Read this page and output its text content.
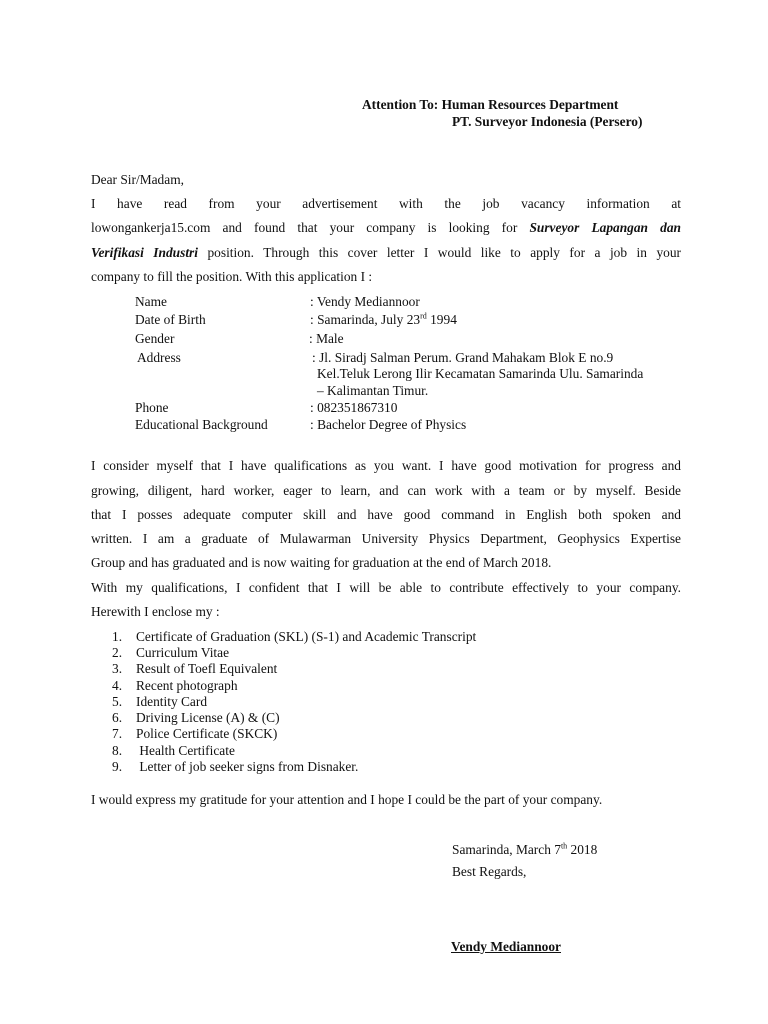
Attention To: Human Resources Department
PT. Surveyor Indonesia (Persero)
Dear Sir/Madam,
I have read from your advertisement with the job vacancy information at
lowongankerja15.com and found that your company is looking for Surveyor Lapangan dan
Verifikasi Industri position. Through this cover letter I would like to apply for a job in your
company to fill the position. With this application I :
Name	: Vendy Mediannoor
Date of Birth	: Samarinda, July 23rd 1994
Gender	: Male
Address	: Jl. Siradj Salman Perum. Grand Mahakam Blok E no.9
Kel.Teluk Lerong Ilir Kecamatan Samarinda Ulu. Samarinda
– Kalimantan Timur.
Phone	: 082351867310
Educational Background	: Bachelor Degree of Physics
I consider myself that I have qualifications as you want. I have good motivation for progress and
growing, diligent, hard worker, eager to learn, and can work with a team or by myself. Beside
that I posses adequate computer skill and have good command in English both spoken and
written. I am a graduate of Mulawarman University Physics Department, Geophysics Expertise
Group and has graduated and is now waiting for graduation at the end of March 2018.
With my qualifications, I confident that I will be able to contribute effectively to your company.
Herewith I enclose my :
1. Certificate of Graduation (SKL) (S-1) and Academic Transcript
2. Curriculum Vitae
3. Result of Toefl Equivalent
4. Recent photograph
5. Identity Card
6. Driving License (A) & (C)
7. Police Certificate (SKCK)
8. Health Certificate
9. Letter of job seeker signs from Disnaker.
I would express my gratitude for your attention and I hope I could be the part of your company.
Samarinda, March 7th 2018
Best Regards,
Vendy Mediannoor
